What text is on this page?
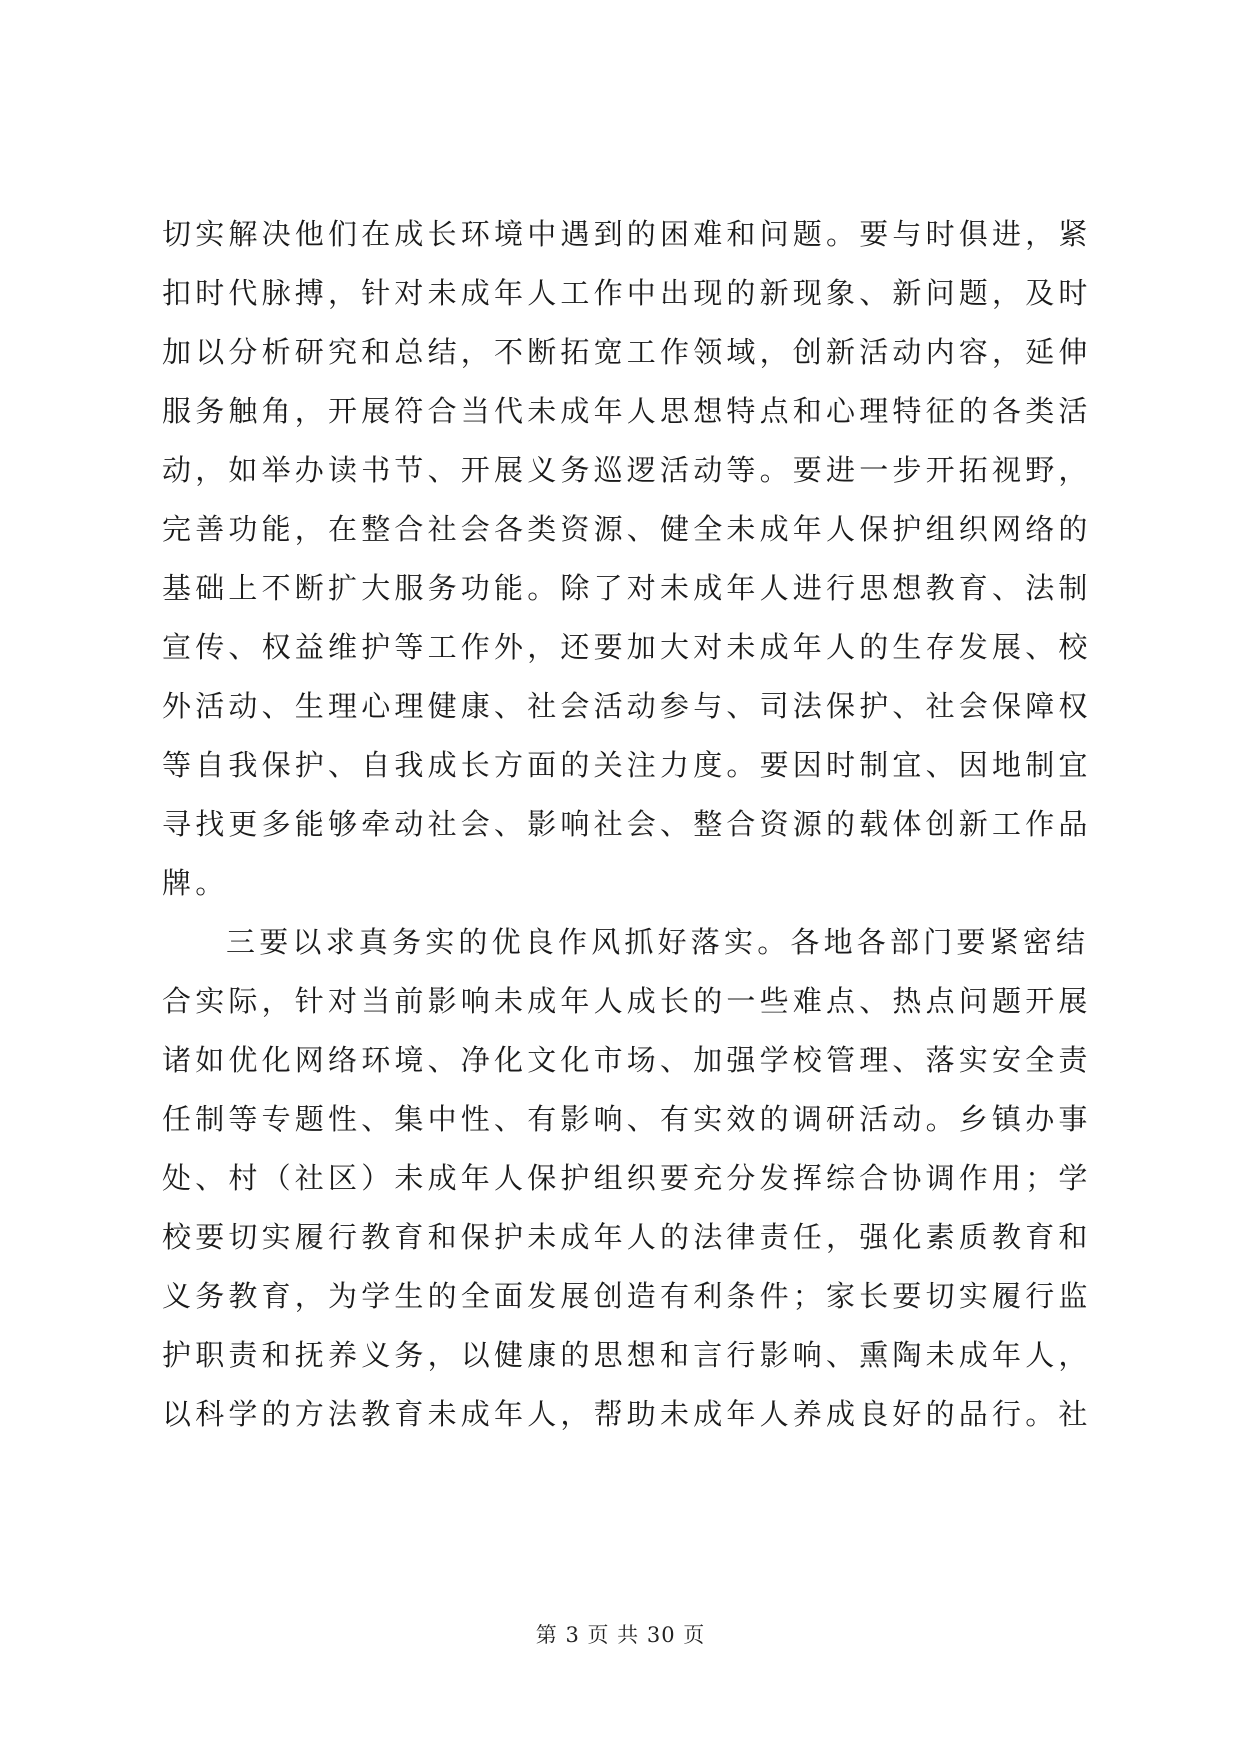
切实解决他们在成长环境中遇到的困难和问题。要与时俱进，紧
扣时代脉搏，针对未成年人工作中出现的新现象、新问题，及时
加以分析研究和总结，不断拓宽工作领域，创新活动内容，延伸
服务触角，开展符合当代未成年人思想特点和心理特征的各类活
动，如举办读书节、开展义务巡逻活动等。要进一步开拓视野，
完善功能，在整合社会各类资源、健全未成年人保护组织网络的
基础上不断扩大服务功能。除了对未成年人进行思想教育、法制
宣传、权益维护等工作外，还要加大对未成年人的生存发展、校
外活动、生理心理健康、社会活动参与、司法保护、社会保障权
等自我保护、自我成长方面的关注力度。要因时制宜、因地制宜
寻找更多能够牵动社会、影响社会、整合资源的载体创新工作品
牌。
三要以求真务实的优良作风抓好落实。各地各部门要紧密结
合实际，针对当前影响未成年人成长的一些难点、热点问题开展
诸如优化网络环境、净化文化市场、加强学校管理、落实安全责
任制等专题性、集中性、有影响、有实效的调研活动。乡镇办事
处、村（社区）未成年人保护组织要充分发挥综合协调作用；学
校要切实履行教育和保护未成年人的法律责任，强化素质教育和
义务教育，为学生的全面发展创造有利条件；家长要切实履行监
护职责和抚养义务，以健康的思想和言行影响、熏陶未成年人，
以科学的方法教育未成年人，帮助未成年人养成良好的品行。社
第 3 页 共 30 页
